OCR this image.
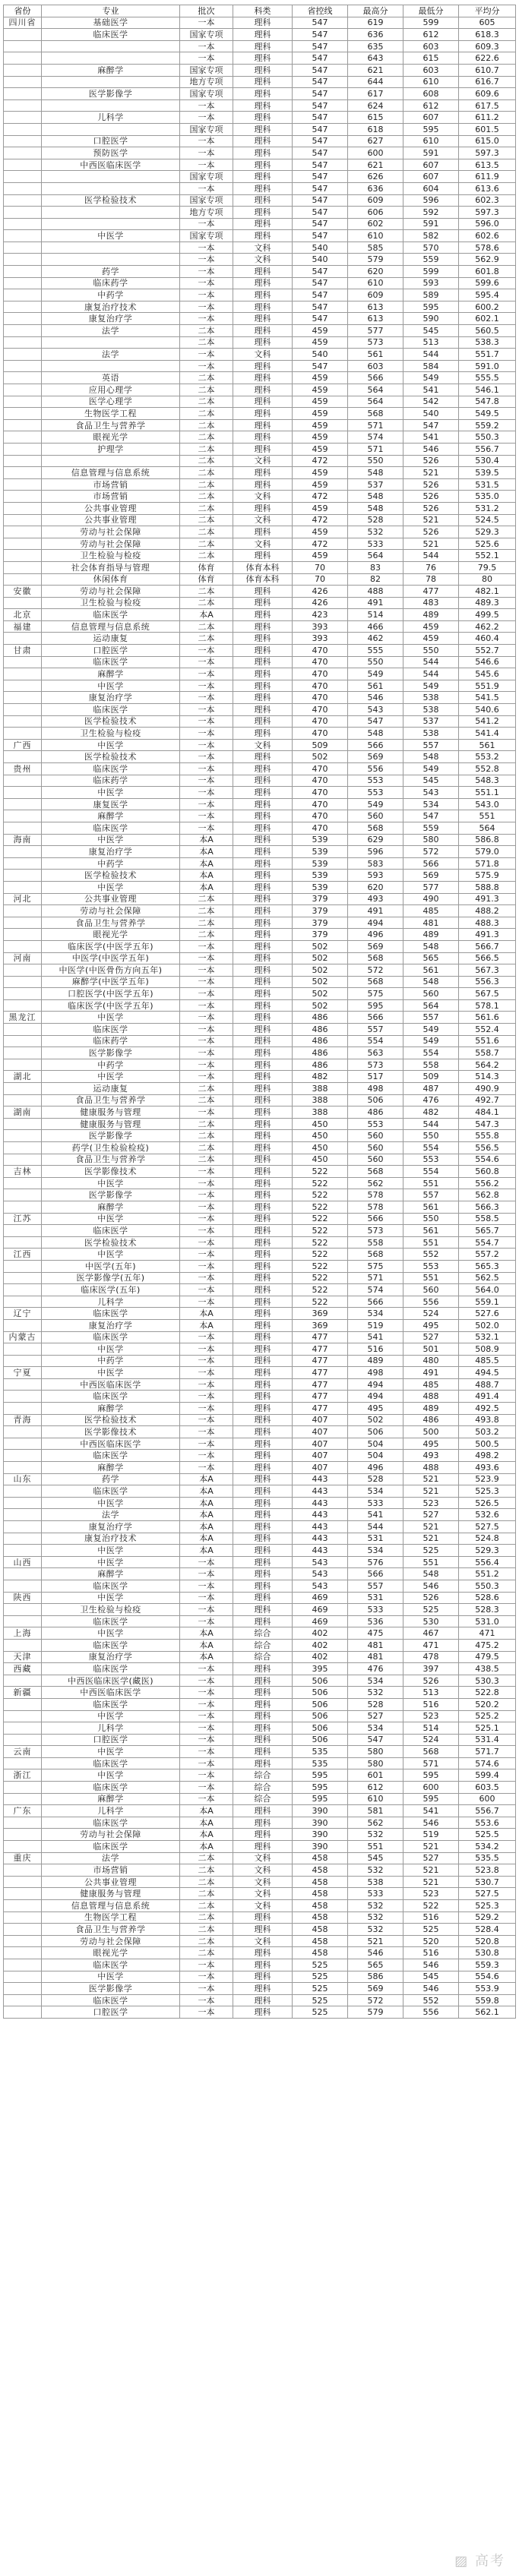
省份	专业	批次	科类	省控线	最高分	最低分	平均分
四川省	基础医学	一本	理科	547	619	599	605
	临床医学	国家专项	理科	547	636	612	618.3
		一本	理科	547	635	603	609.3
		一本	理科	547	643	615	622.6
	麻醉学	国家专项	理科	547	621	603	610.7
		地方专项	理科	547	644	610	616.7
	医学影像学	国家专项	理科	547	617	608	609.6
		一本	理科	547	624	612	617.5
	儿科学	一本	理科	547	615	607	611.2
		国家专项	理科	547	618	595	601.5
	口腔医学	一本	理科	547	627	610	615.0
	预防医学	一本	理科	547	600	591	597.3
	中西医临床医学	一本	理科	547	621	607	613.5
		国家专项	理科	547	626	607	611.9
		一本	理科	547	636	604	613.6
	医学检验技术	国家专项	理科	547	609	596	602.3
		地方专项	理科	547	606	592	597.3
		一本	理科	547	602	591	596.0
	中医学	国家专项	理科	547	610	582	602.6
		一本	文科	540	585	570	578.6
		一本	文科	540	579	559	562.9
	药学	一本	理科	547	620	599	601.8
	临床药学	一本	理科	547	610	593	599.6
	中药学	一本	理科	547	609	589	595.4
	康复治疗技术	一本	理科	547	613	595	600.2
	康复治疗学	一本	理科	547	613	590	602.1
	法学	二本	理科	459	577	545	560.5
		二本	理科	459	573	513	538.3
	法学	一本	文科	540	561	544	551.7
		一本	理科	547	603	584	591.0
	英语	二本	理科	459	566	549	555.5
	应用心理学	二本	理科	459	564	541	546.1
	医学心理学	二本	理科	459	564	542	547.8
	生物医学工程	二本	理科	459	568	540	549.5
	食品卫生与营养学	二本	理科	459	571	547	559.2
	眼视光学	二本	理科	459	574	541	550.3
	护理学	二本	理科	459	571	546	556.7
		二本	文科	472	550	526	530.4
	信息管理与信息系统	二本	理科	459	548	521	539.5
	市场营销	二本	理科	459	537	526	531.5
	市场营销	二本	文科	472	548	526	535.0
	公共事业管理	二本	理科	459	548	526	531.2
	公共事业管理	二本	文科	472	528	521	524.5
	劳动与社会保障	二本	理科	459	532	526	529.3
	劳动与社会保障	二本	文科	472	533	521	525.6
	卫生检验与检疫	二本	理科	459	564	544	552.1
	社会体育指导与管理	体育	体育本科	70	83	76	79.5
	休闲体育	体育	体育本科	70	82	78	80
安徽	劳动与社会保障	二本	理科	426	488	477	482.1
	卫生检验与检疫	二本	理科	426	491	483	489.3
北京	临床医学	本A	理科	423	514	489	499.5
福建	信息管理与信息系统	二本	理科	393	466	459	462.2
	运动康复	二本	理科	393	462	459	460.4
甘肃	口腔医学	一本	理科	470	555	550	552.7
	临床医学	一本	理科	470	550	544	546.6
	麻醉学	一本	理科	470	549	544	545.6
	中医学	一本	理科	470	561	549	551.9
	康复治疗学	一本	理科	470	546	538	541.5
	临床医学	一本	理科	470	543	538	540.6
	医学检验技术	一本	理科	470	547	537	541.2
	卫生检验与检疫	一本	理科	470	548	538	541.4
广西	中医学	一本	文科	509	566	557	561
	医学检验技术	一本	理科	502	569	548	553.2
贵州	临床医学	一本	理科	470	556	549	552.8
	临床药学	一本	理科	470	553	545	548.3
	中医学	一本	理科	470	553	543	551.1
	康复医学	一本	理科	470	549	534	543.0
	麻醉学	一本	理科	470	560	547	551
	临床医学	一本	理科	470	568	559	564
海南	中医学	本A	理科	539	629	580	586.8
	康复治疗学	本A	理科	539	596	572	579.0
	中药学	本A	理科	539	583	566	571.8
	医学检验技术	本A	理科	539	593	569	575.9
	中医学	本A	理科	539	620	577	588.8
河北	公共事业管理	二本	理科	379	493	490	491.3
	劳动与社会保障	二本	理科	379	491	485	488.2
	食品卫生与营养学	二本	理科	379	494	481	488.3
	眼视光学	二本	理科	379	496	489	491.3
	临床医学(中医学五年)	一本	理科	502	569	548	566.7
河南	中医学(中医学五年)	一本	理科	502	568	565	566.5
	中医学(中医骨伤方向五年)	一本	理科	502	572	561	567.3
	麻醉学(中医学五年)	一本	理科	502	568	548	556.3
	口腔医学(中医学五年)	一本	理科	502	575	560	567.5
	临床医学(中医学五年)	一本	理科	502	595	564	578.1
黑龙江	中医学	一本	理科	486	566	557	561.6
	临床医学	一本	理科	486	557	549	552.4
	临床药学	一本	理科	486	554	549	551.6
	医学影像学	一本	理科	486	563	554	558.7
	中药学	一本	理科	486	573	558	564.2
湖北	中医学	一本	理科	482	517	509	514.3
	运动康复	二本	理科	388	498	487	490.9
	食品卫生与营养学	二本	理科	388	506	476	492.7
湖南	健康服务与管理	一本	理科	388	486	482	484.1
	健康服务与管理	二本	理科	450	553	544	547.3
	医学影像学	二本	理科	450	560	550	555.8
	药学(卫生检验检疫)	二本	理科	450	560	554	556.5
	食品卫生与营养学	二本	理科	450	560	553	554.6
吉林	医学影像技术	一本	理科	522	568	554	560.8
	中医学	一本	理科	522	562	551	556.2
	医学影像学	一本	理科	522	578	557	562.8
	麻醉学	一本	理科	522	578	561	566.3
江苏	中医学	一本	理科	522	566	550	558.5
	临床医学	一本	理科	522	573	561	565.7
	医学检验技术	一本	理科	522	558	551	554.7
江西	中医学	一本	理科	522	568	552	557.2
	中医学(五年)	一本	理科	522	575	553	565.3
	医学影像学(五年)	一本	理科	522	571	551	562.5
	临床医学(五年)	一本	理科	522	574	560	564.0
	儿科学	一本	理科	522	566	556	559.1
辽宁	临床医学	本A	理科	369	534	524	527.6
	康复治疗学	本A	理科	369	519	495	502.0
内蒙古	临床医学	一本	理科	477	541	527	532.1
	中医学	一本	理科	477	516	501	508.9
	中药学	一本	理科	477	489	480	485.5
宁夏	中医学	一本	理科	477	498	491	494.5
	中西医临床医学	一本	理科	477	494	485	488.7
	临床医学	一本	理科	477	494	488	491.4
	麻醉学	一本	理科	477	495	489	492.5
青海	医学检验技术	一本	理科	407	502	486	493.8
	医学影像技术	一本	理科	407	506	500	503.2
	中西医临床医学	一本	理科	407	504	495	500.5
	临床医学	一本	理科	407	504	493	498.2
	麻醉学	一本	理科	407	496	488	493.6
山东	药学	本A	理科	443	528	521	523.9
	临床医学	本A	理科	443	534	521	525.3
	中医学	本A	理科	443	533	523	526.5
	法学	本A	理科	443	541	527	532.6
	康复治疗学	本A	理科	443	544	521	527.5
	康复治疗技术	本A	理科	443	531	521	524.8
	中医学	本A	理科	443	534	525	529.3
山西	中医学	一本	理科	543	576	551	556.4
	麻醉学	一本	理科	543	566	548	551.2
	临床医学	一本	理科	543	557	546	550.3
陕西	中医学	一本	理科	469	531	526	528.6
	卫生检验与检疫	一本	理科	469	533	525	528.3
	临床医学	一本	理科	469	536	530	531.0
上海	中医学	本A	综合	402	475	467	471
	临床医学	本A	综合	402	481	471	475.2
天津	康复治疗学	本A	综合	402	481	478	479.5
西藏	临床医学	一本	理科	395	476	397	438.5
	中西医临床医学(藏医)	一本	理科	506	534	526	530.3
新疆	中西医临床医学	一本	理科	506	532	513	522.8
	临床医学	一本	理科	506	528	516	520.2
	中医学	一本	理科	506	527	523	525.2
	儿科学	一本	理科	506	534	514	525.1
	口腔医学	一本	理科	506	547	524	531.4
云南	中医学	一本	理科	535	580	568	571.7
	临床医学	一本	理科	535	580	571	574.6
浙江	中医学	一本	综合	595	601	595	599.4
	临床医学	一本	综合	595	612	600	603.5
	麻醉学	一本	综合	595	610	595	600
广东	儿科学	本A	理科	390	581	541	556.7
	临床医学	本A	理科	390	562	546	553.6
	劳动与社会保障	本A	理科	390	532	519	525.5
	临床医学	本A	理科	390	551	521	534.2
重庆	法学	二本	文科	458	545	527	535.5
	市场营销	二本	文科	458	532	521	523.8
	公共事业管理	二本	文科	458	538	521	530.7
	健康服务与管理	二本	文科	458	533	523	527.5
	信息管理与信息系统	二本	文科	458	532	522	525.3
	生物医学工程	二本	理科	458	532	516	529.2
	食品卫生与营养学	二本	理科	458	532	525	528.4
	劳动与社会保障	二本	文科	458	521	520	520.8
	眼视光学	二本	理科	458	546	516	530.8
	临床医学	一本	理科	525	565	546	559.3
	中医学	一本	理科	525	586	545	554.6
	医学影像学	一本	理科	525	569	546	553.9
	临床医学	一本	理科	525	572	552	559.8
	口腔医学	一本	理科	525	579	556	562.1
▨ 高考
